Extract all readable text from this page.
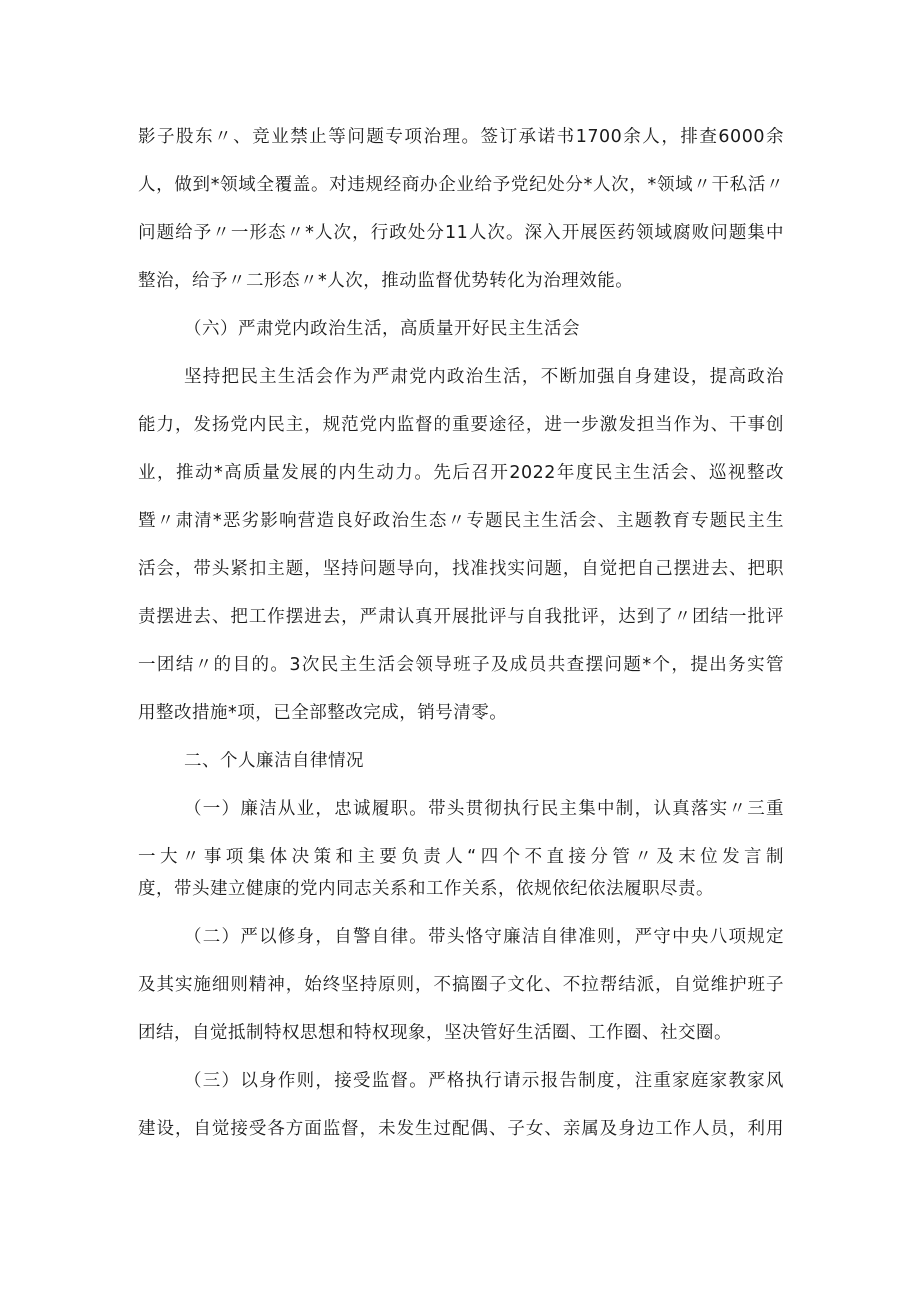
影子股东〃、竞业禁止等问题专项治理。签订承诺书1700余人，排查6000余
人，做到*领域全覆盖。对违规经商办企业给予党纪处分*人次，*领域〃干私活〃
问题给予〃一形态〃*人次，行政处分11人次。深入开展医药领域腐败问题集中
整治，给予〃二形态〃*人次，推动监督优势转化为治理效能。
（六）严肃党内政治生活，高质量开好民主生活会
坚持把民主生活会作为严肃党内政治生活，不断加强自身建设，提高政治
能力，发扬党内民主，规范党内监督的重要途径，进一步激发担当作为、干事创
业，推动*高质量发展的内生动力。先后召开2022年度民主生活会、巡视整改
暨〃肃清*恶劣影响营造良好政治生态〃专题民主生活会、主题教育专题民主生
活会，带头紧扣主题，坚持问题导向，找准找实问题，自觉把自己摆进去、把职
责摆进去、把工作摆进去，严肃认真开展批评与自我批评，达到了〃团结一批评
一团结〃的目的。3次民主生活会领导班子及成员共查摆问题*个，提出务实管
用整改措施*项，已全部整改完成，销号清零。
二、个人廉洁自律情况
（一）廉洁从业，忠诚履职。带头贯彻执行民主集中制，认真落实〃三重
一大〃事项集体决策和主要负责人“四个不直接分管〃及末位发言制
度，带头建立健康的党内同志关系和工作关系，依规依纪依法履职尽责。
（二）严以修身，自警自律。带头恪守廉洁自律准则，严守中央八项规定
及其实施细则精神，始终坚持原则，不搞圈子文化、不拉帮结派，自觉维护班子
团结，自觉抵制特权思想和特权现象，坚决管好生活圈、工作圈、社交圈。
（三）以身作则，接受监督。严格执行请示报告制度，注重家庭家教家风
建设，自觉接受各方面监督，未发生过配偶、子女、亲属及身边工作人员，利用
